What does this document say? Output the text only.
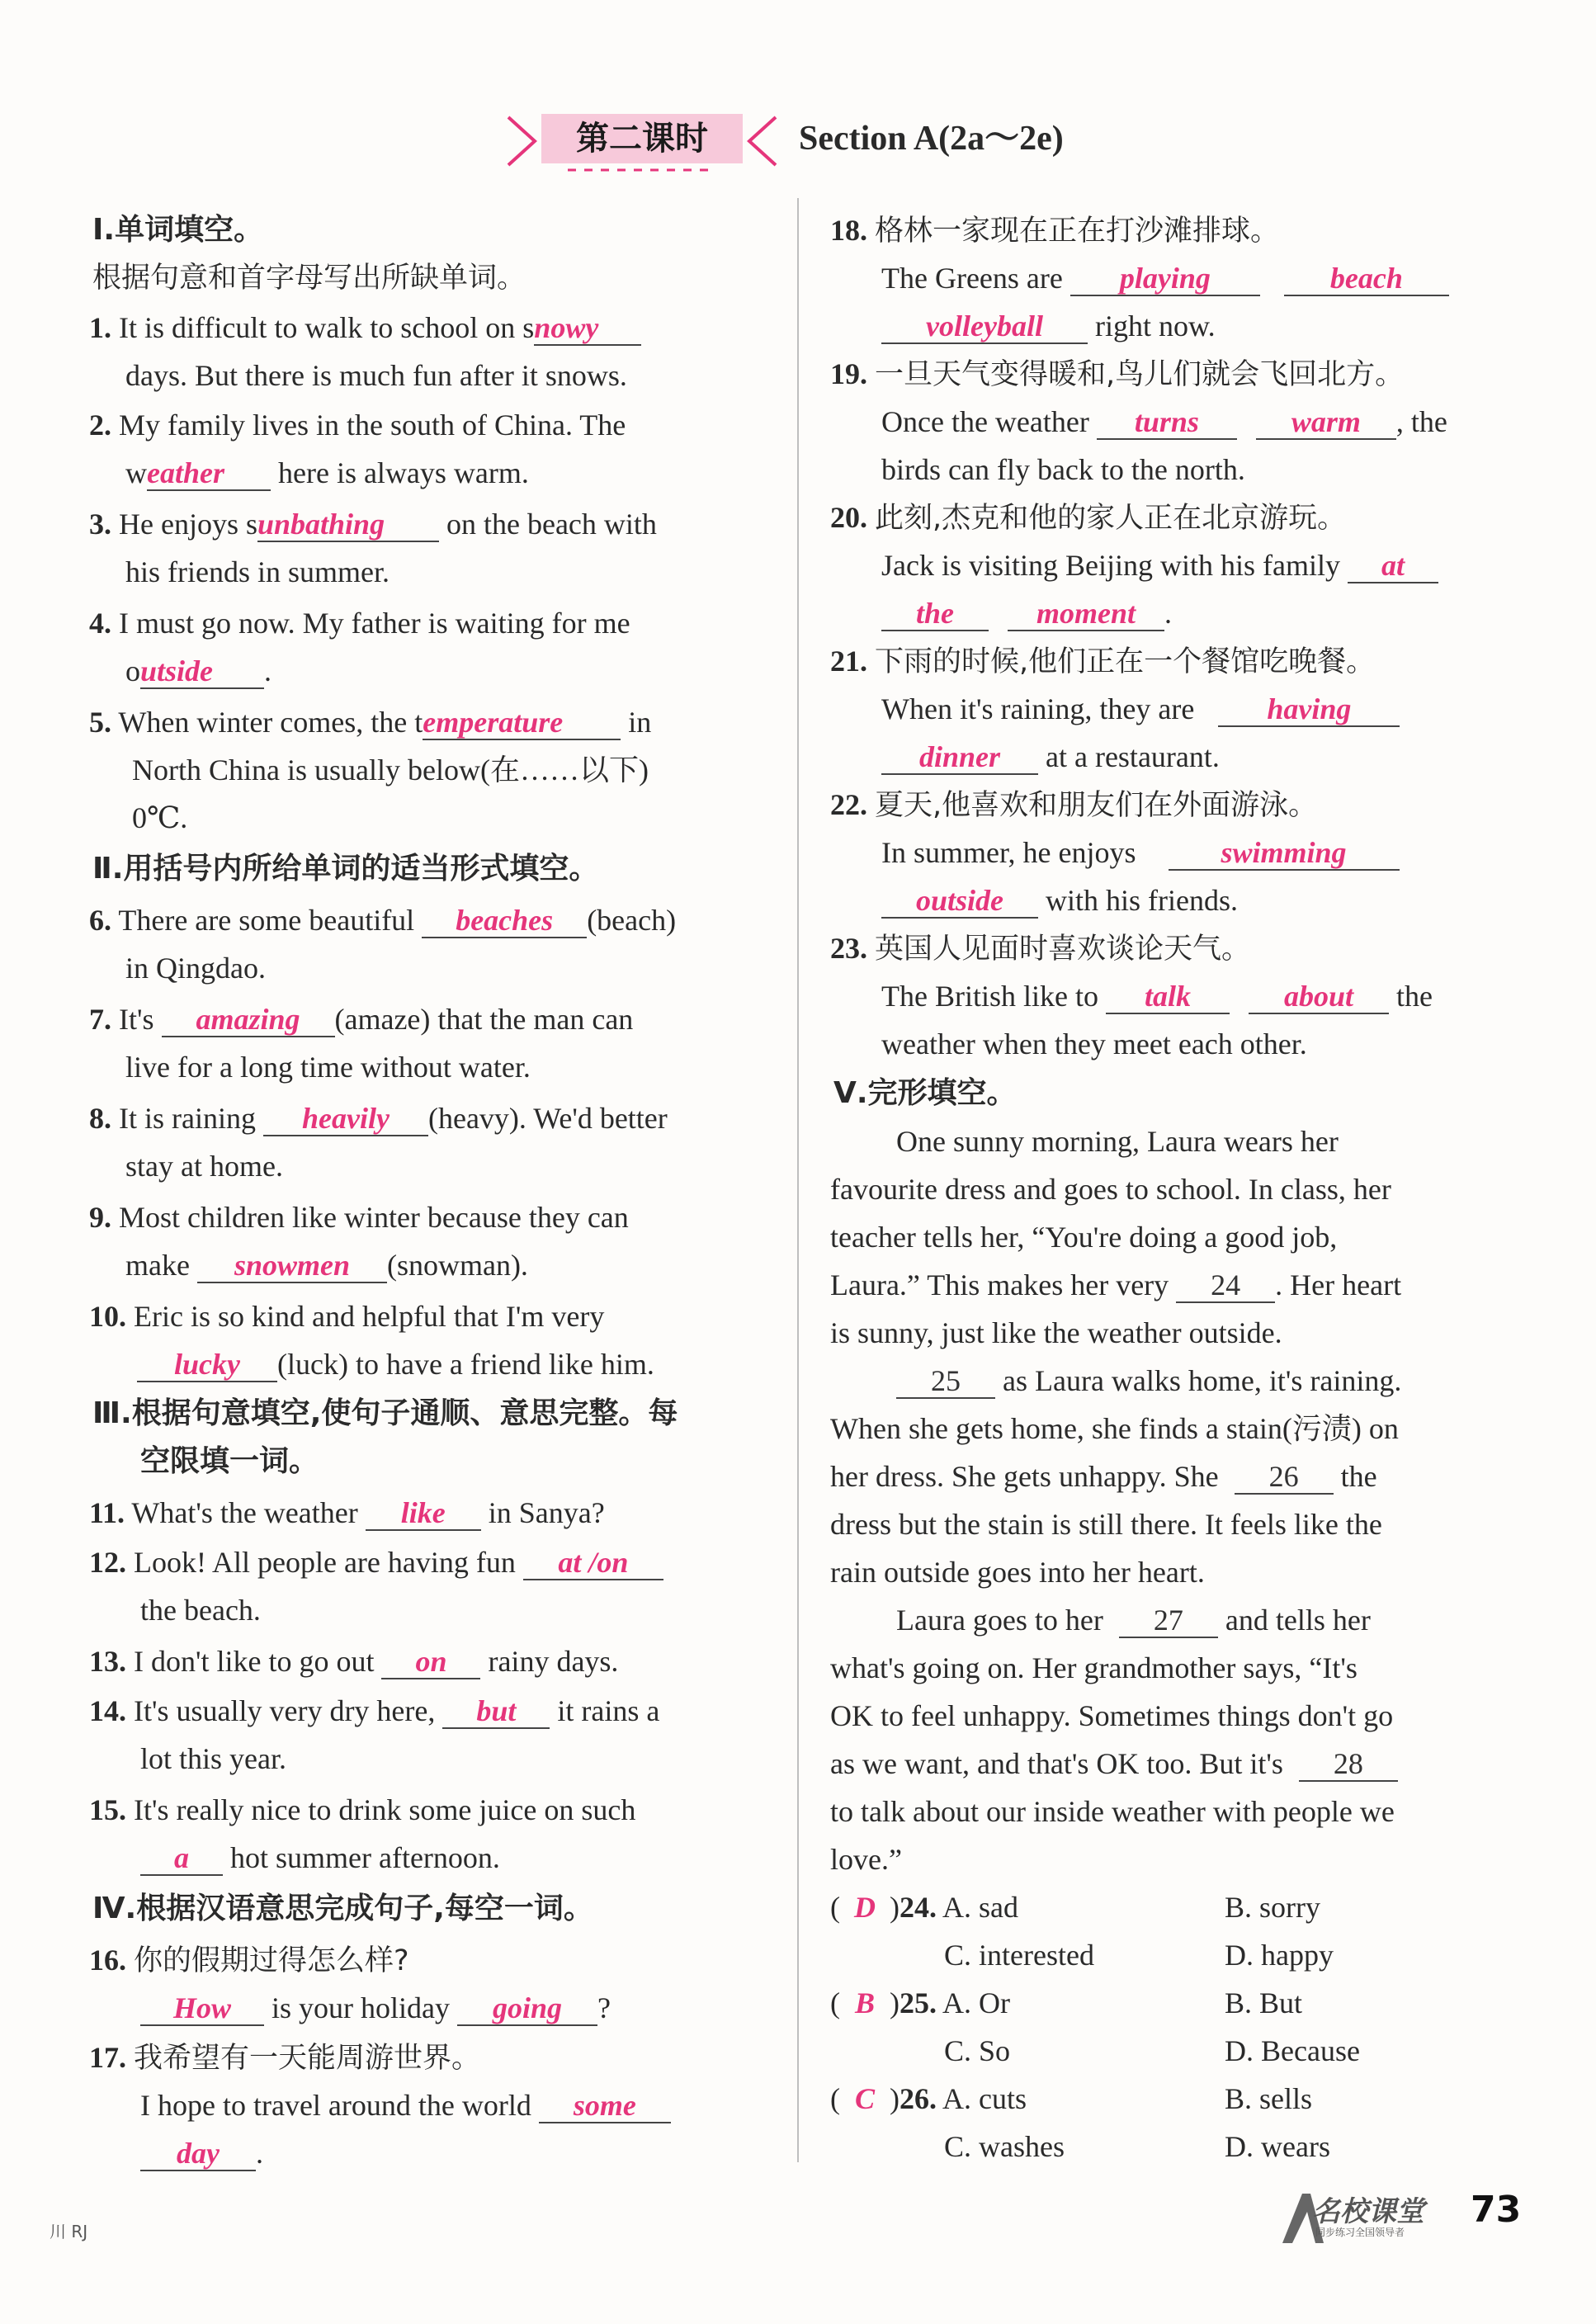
第二课时	Section A(2a～2e)
Ⅰ.单词填空。
根据句意和首字母写出所缺单词。
1. It is difficult to walk to school on snowy
days. But there is much fun after it snows.
2. My family lives in the south of China. The
weather here is always warm.
3. He enjoys sunbathing on the beach with
his friends in summer.
4. I must go now. My father is waiting for me
outside .
5. When winter comes, the temperature in
North China is usually below(在……以下)
0℃.
Ⅱ.用括号内所给单词的适当形式填空。
6. There are some beautiful beaches (beach)
in Qingdao.
7. It's amazing (amaze) that the man can
live for a long time without water.
8. It is raining heavily (heavy). We'd better
stay at home.
9. Most children like winter because they can
make snowmen (snowman).
10. Eric is so kind and helpful that I'm very
lucky (luck) to have a friend like him.
Ⅲ.根据句意填空,使句子通顺、意思完整。每
空限填一词。
11. What's the weather like in Sanya?
12. Look! All people are having fun at /on
the beach.
13. I don't like to go out on rainy days.
14. It's usually very dry here, but it rains a
lot this year.
15. It's really nice to drink some juice on such
a hot summer afternoon.
Ⅳ.根据汉语意思完成句子,每空一词。
16. 你的假期过得怎么样?
How is your holiday going ?
17. 我希望有一天能周游世界。
I hope to travel around the world some
day .
18. 格林一家现在正在打沙滩排球。
The Greens are playing	beach
volleyball right now.
19. 一旦天气变得暖和,鸟儿们就会飞回北方。
Once the weather turns	warm , the
birds can fly back to the north.
20. 此刻,杰克和他的家人正在北京游玩。
Jack is visiting Beijing with his family at
the	moment .
21. 下雨的时候,他们正在一个餐馆吃晚餐。
When it's raining, they are having
dinner at a restaurant.
22. 夏天,他喜欢和朋友们在外面游泳。
In summer, he enjoys	swimming
outside with his friends.
23. 英国人见面时喜欢谈论天气。
The British like to talk	about the
weather when they meet each other.
Ⅴ.完形填空。
One sunny morning, Laura wears her
favourite dress and goes to school. In class, her
teacher tells her, “You're doing a good job,
Laura.” This makes her very 24 . Her heart
is sunny, just like the weather outside.
25 as Laura walks home, it's raining.
When she gets home, she finds a stain(污渍) on
her dress. She gets unhappy. She 26 the
dress but the stain is still there. It feels like the
rain outside goes into her heart.
Laura goes to her 27 and tells her
what's going on. Her grandmother says, “It's
OK to feel unhappy. Sometimes things don't go
as we want, and that's OK too. But it's 28
to talk about our inside weather with people we
love.”
( D )24. A. sad	B. sorry
C. interested	D. happy
( B )25. A. Or	B. But
C. So	D. Because
( C )26. A. cuts	B. sells
C. washes	D. wears
川 RJ
名校课堂
同步练习全国领导者
73
